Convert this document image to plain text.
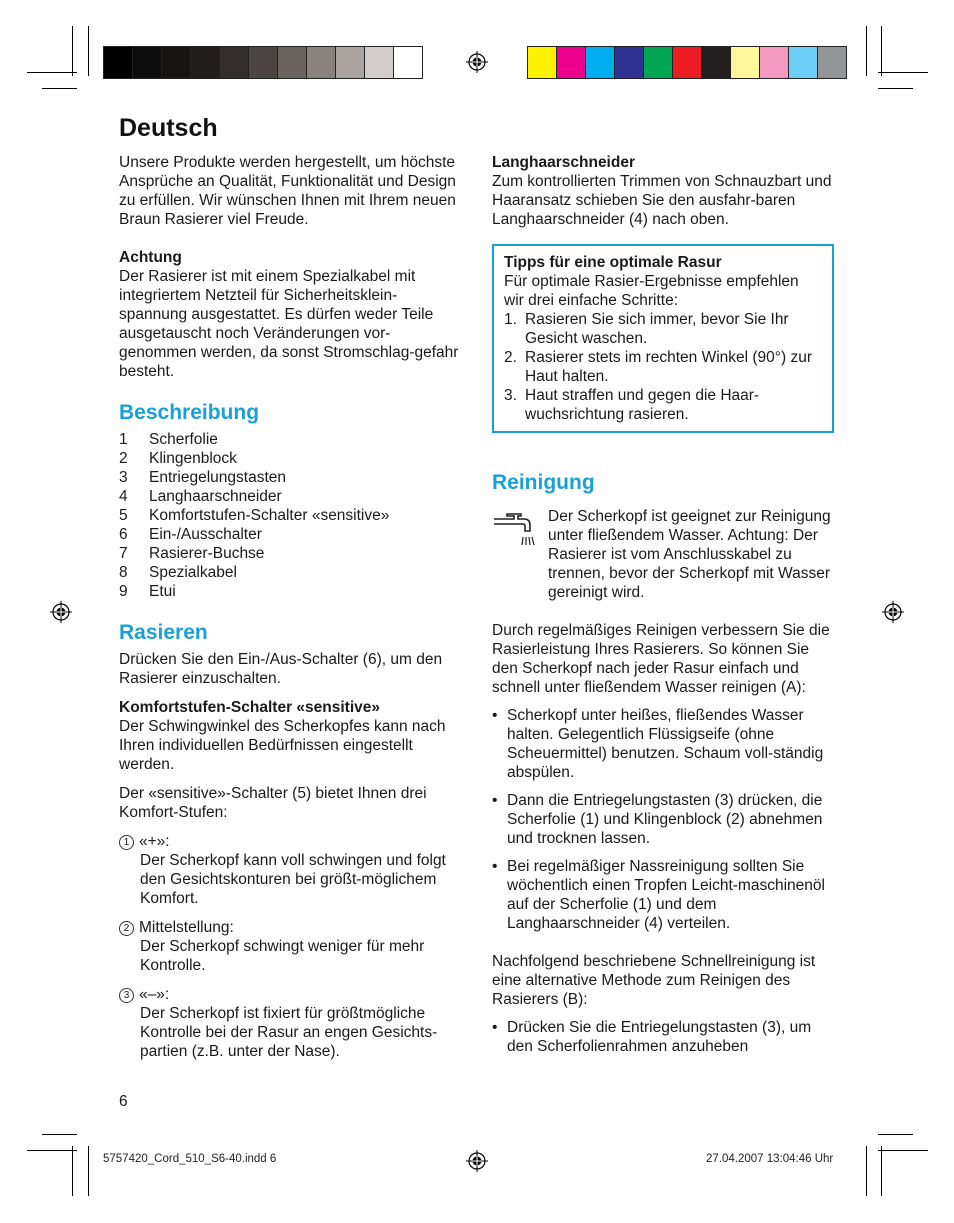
Deutsch

Unsere Produkte werden hergestellt, um höchste Ansprüche an Qualität, Funktionalität und Design zu erfüllen. Wir wünschen Ihnen mit Ihrem neuen Braun Rasierer viel Freude.

Achtung

Der Rasierer ist mit einem Spezialkabel mit integriertem Netzteil für Sicherheitsklein-spannung ausgestattet. Es dürfen weder Teile ausgetauscht noch Veränderungen vor-genommen werden, da sonst Stromschlag-gefahr besteht.

Beschreibung
1	Scherfolie
2	Klingenblock
3	Entriegelungstasten
4	Langhaarschneider
5	Komfortstufen-Schalter «sensitive»
6	Ein-/Ausschalter
7	Rasierer-Buchse
8	Spezialkabel
9	Etui
Rasieren

Drücken Sie den Ein-/Aus-Schalter (6), um den Rasierer einzuschalten.

Komfortstufen-Schalter «sensitive»

Der Schwingwinkel des Scherkopfes kann nach Ihren individuellen Bedürfnissen eingestellt werden.

Der «sensitive»-Schalter (5) bietet Ihnen drei Komfort-Stufen:

1 «+»:

Der Scherkopf kann voll schwingen und folgt den Gesichtskonturen bei größt-möglichem Komfort.

2 Mittelstellung:

Der Scherkopf schwingt weniger für mehr Kontrolle.

3 «–»:

Der Scherkopf ist fixiert für größtmögliche Kontrolle bei der Rasur an engen Gesichts-partien (z.B. unter der Nase).

6

Langhaarschneider

Zum kontrollierten Trimmen von Schnauzbart und Haaransatz schieben Sie den ausfahr-baren Langhaarschneider (4) nach oben.

Tipps für eine optimale Rasur

Für optimale Rasier-Ergebnisse empfehlen wir drei einfache Schritte:

1. Rasieren Sie sich immer, bevor Sie Ihr Gesicht waschen.
2. Rasierer stets im rechten Winkel (90°) zur Haut halten.
3. Haut straffen und gegen die Haar-wuchsrichtung rasieren.
Reinigung

Der Scherkopf ist geeignet zur Reinigung unter fließendem Wasser. Achtung: Der Rasierer ist vom Anschlusskabel zu trennen, bevor der Scherkopf mit Wasser gereinigt wird.

Durch regelmäßiges Reinigen verbessern Sie die Rasierleistung Ihres Rasierers. So können Sie den Scherkopf nach jeder Rasur einfach und schnell unter fließendem Wasser reinigen (A):

• Scherkopf unter heißes, fließendes Wasser halten. Gelegentlich Flüssigseife (ohne Scheuermittel) benutzen. Schaum voll-ständig abspülen.
• Dann die Entriegelungstasten (3) drücken, die Scherfolie (1) und Klingenblock (2) abnehmen und trocknen lassen.
• Bei regelmäßiger Nassreinigung sollten Sie wöchentlich einen Tropfen Leicht-maschinenöl auf der Scherfolie (1) und dem Langhaarschneider (4) verteilen.

Nachfolgend beschriebene Schnellreinigung ist eine alternative Methode zum Reinigen des Rasierers (B):

• Drücken Sie die Entriegelungstasten (3), um den Scherfolienrahmen anzuheben
5757420_Cord_510_S6-40.indd 6	27.04.2007 13:04:46 Uhr
